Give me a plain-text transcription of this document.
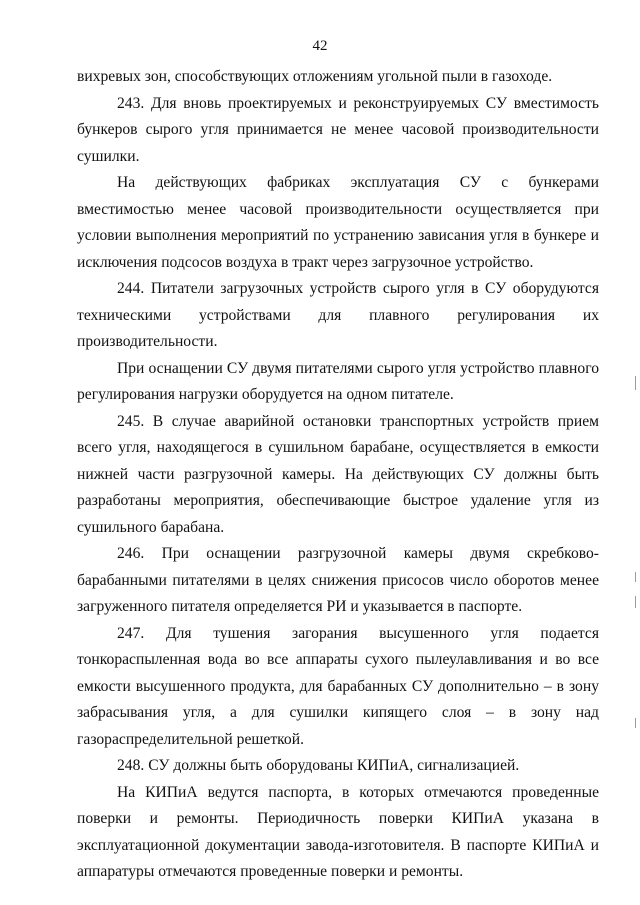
42

вихревых зон, способствующих отложениям угольной пыли в газоходе.

243. Для вновь проектируемых и реконструируемых СУ вместимость бункеров сырого угля принимается не менее часовой производительности сушилки.

На действующих фабриках эксплуатация СУ с бункерами вместимостью менее часовой производительности осуществляется при условии выполнения мероприятий по устранению зависания угля в бункере и исключения подсосов воздуха в тракт через загрузочное устройство.

244. Питатели загрузочных устройств сырого угля в СУ оборудуются техническими устройствами для плавного регулирования их производительности.

При оснащении СУ двумя питателями сырого угля устройство плавного регулирования нагрузки оборудуется на одном питателе.

245. В случае аварийной остановки транспортных устройств прием всего угля, находящегося в сушильном барабане, осуществляется в емкости нижней части разгрузочной камеры. На действующих СУ должны быть разработаны мероприятия, обеспечивающие быстрое удаление угля из сушильного барабана.

246. При оснащении разгрузочной камеры двумя скребково-барабанными питателями в целях снижения присосов число оборотов менее загруженного питателя определяется РИ и указывается в паспорте.

247. Для тушения загорания высушенного угля подается тонкораспыленная вода во все аппараты сухого пылеулавливания и во все емкости высушенного продукта, для барабанных СУ дополнительно – в зону забрасывания угля, а для сушилки кипящего слоя – в зону над газораспределительной решеткой.

248. СУ должны быть оборудованы КИПиА, сигнализацией.

На КИПиА ведутся паспорта, в которых отмечаются проведенные поверки и ремонты. Периодичность поверки КИПиА указана в эксплуатационной документации завода-изготовителя. В паспорте КИПиА и аппаратуры отмечаются проведенные поверки и ремонты.
